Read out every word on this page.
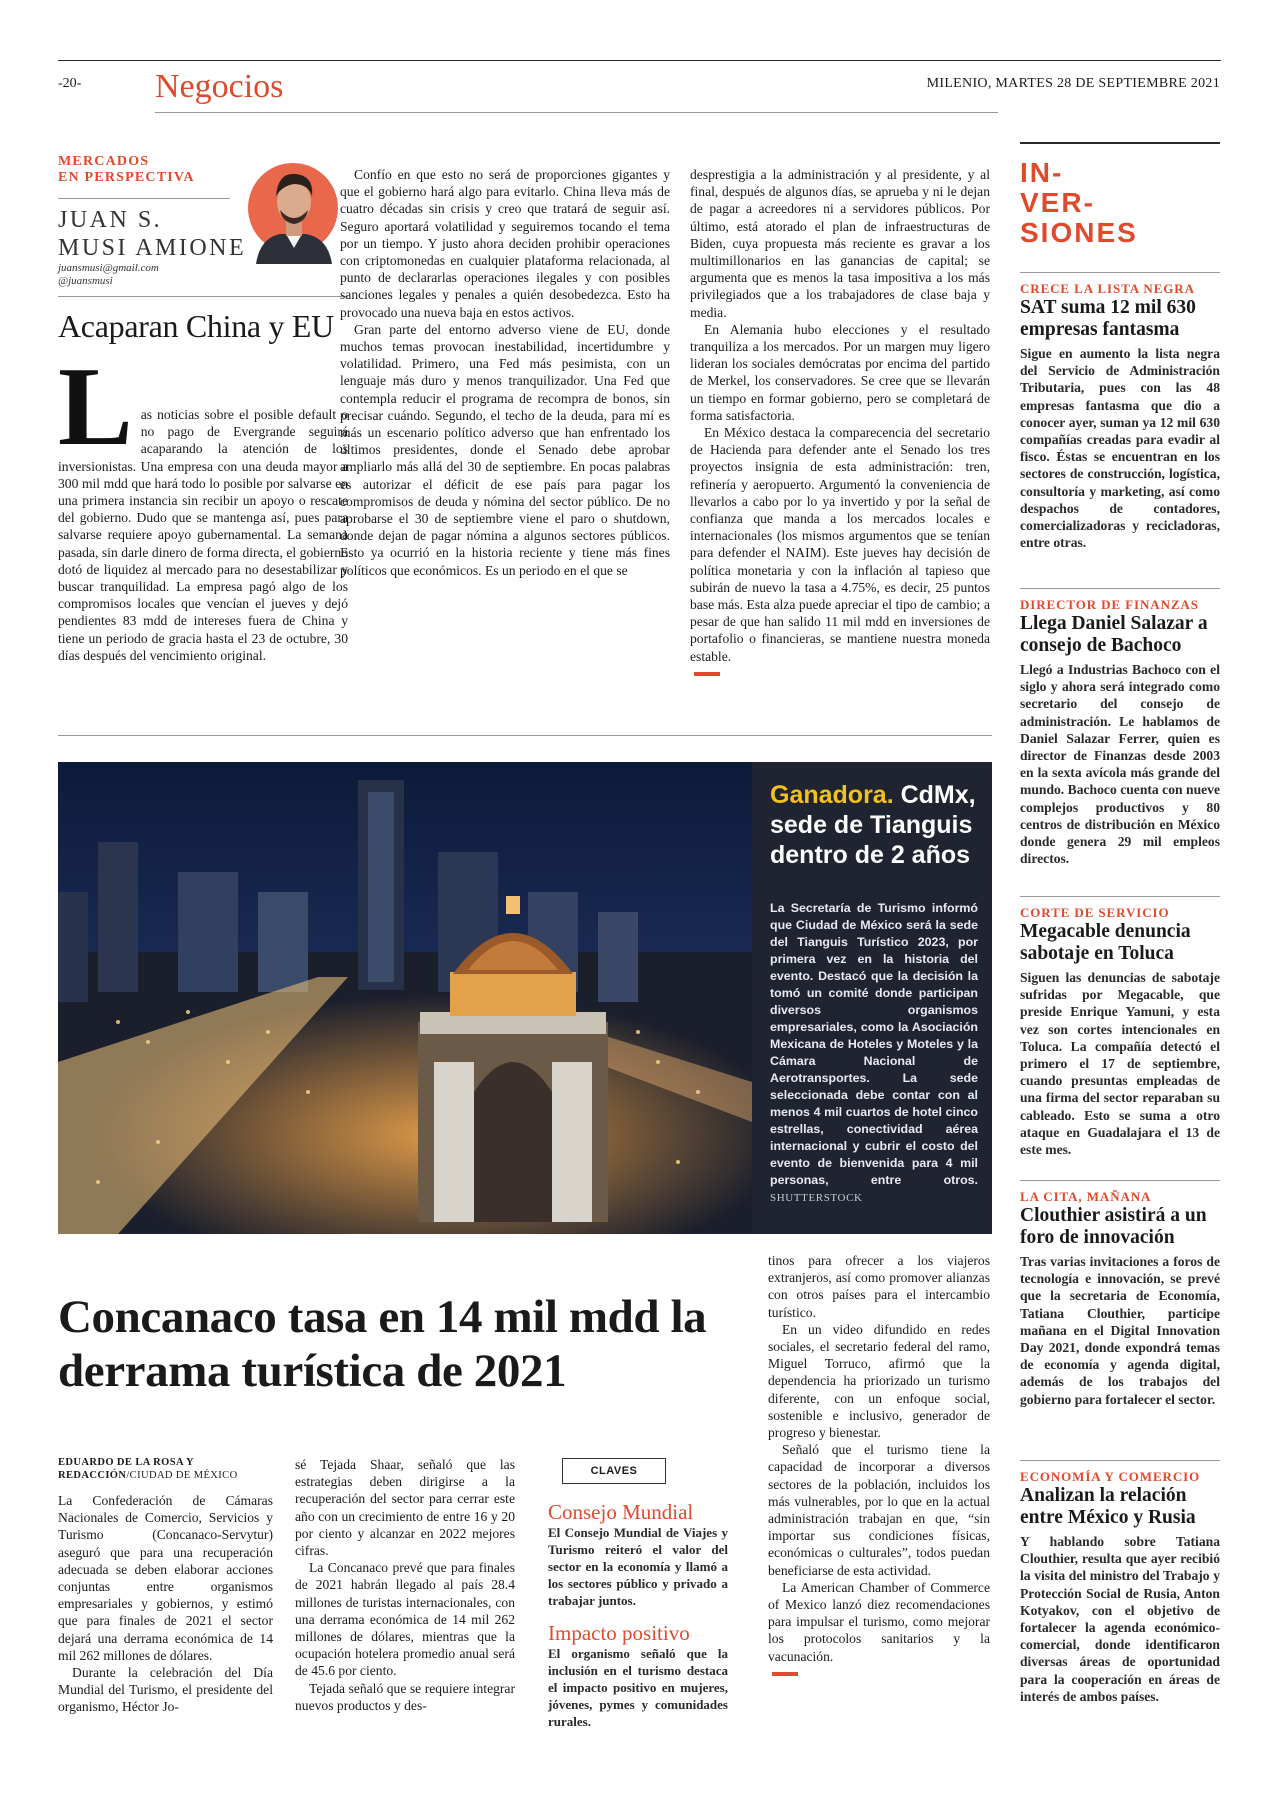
-20- Negocios	MILENIO, MARTES 28 DE SEPTIEMBRE 2021
MERCADOS
EN PERSPECTIVA
JUAN S.
MUSI AMIONE
juansmusi@gmail.com
@juansmusi
Acaparan China y EU
L as noticias sobre el posible default o no pago de Evergrande seguirá acaparando la atención de los inversionistas. Una empresa con una deuda mayor a 300 mil mdd que hará todo lo posible por salvarse en una primera instancia sin recibir un apoyo o rescate del gobierno. Dudo que se mantenga así, pues para salvarse requiere apoyo gubernamental. La semana pasada, sin darle dinero de forma directa, el gobierno dotó de liquidez al mercado para no desestabilizar y buscar tranquilidad. La empresa pagó algo de los compromisos locales que vencían el jueves y dejó pendientes 83 mdd de intereses fuera de China y tiene un periodo de gracia hasta el 23 de octubre, 30 días después del vencimiento original.

Confío en que esto no será de proporciones gigantes y que el gobierno hará algo para evitarlo. China lleva más de cuatro décadas sin crisis y creo que tratará de seguir así. Seguro aportará volatilidad y seguiremos tocando el tema por un tiempo. Y justo ahora deciden prohibir operaciones con criptomonedas en cualquier plataforma relacionada, al punto de declararlas operaciones ilegales y con posibles sanciones legales y penales a quién desobedezca. Esto ha provocado una nueva baja en estos activos.

Gran parte del entorno adverso viene de EU, donde muchos temas provocan inestabilidad, incertidumbre y volatilidad. Primero, una Fed más pesimista, con un lenguaje más duro y menos tranquilizador. Una Fed que contempla reducir el programa de recompra de bonos, sin precisar cuándo. Segundo, el techo de la deuda, para mí es más un escenario político adverso que han enfrentado los últimos presidentes, donde el Senado debe aprobar ampliarlo más allá del 30 de septiembre. En pocas palabras es autorizar el déficit de ese país para pagar los compromisos de deuda y nómina del sector público. De no aprobarse el 30 de septiembre viene el paro o shutdown, donde dejan de pagar nómina a algunos sectores públicos. Esto ya ocurrió en la historia reciente y tiene más fines políticos que económicos. Es un periodo en el que se

desprestigia a la administración y al presidente, y al final, después de algunos días, se aprueba y ni le dejan de pagar a acreedores ni a servidores públicos. Por último, está atorado el plan de infraestructuras de Biden, cuya propuesta más reciente es gravar a los multimillonarios en las ganancias de capital; se argumenta que es menos la tasa impositiva a los más privilegiados que a los trabajadores de clase baja y media.

En Alemania hubo elecciones y el resultado tranquiliza a los mercados. Por un margen muy ligero lideran los sociales demócratas por encima del partido de Merkel, los conservadores. Se cree que se llevarán un tiempo en formar gobierno, pero se completará de forma satisfactoria.

En México destaca la comparecencia del secretario de Hacienda para defender ante el Senado los tres proyectos insignia de esta administración: tren, refinería y aeropuerto. Argumentó la conveniencia de llevarlos a cabo por lo ya invertido y por la señal de confianza que manda a los mercados locales e internacionales (los mismos argumentos que se tenían para defender el NAIM). Este jueves hay decisión de política monetaria y con la inflación al tapieso que subirán de nuevo la tasa a 4.75%, es decir, 25 puntos base más. Esta alza puede apreciar el tipo de cambio; a pesar de que han salido 11 mil mdd en inversiones de portafolio o financieras, se mantiene nuestra moneda estable.

Ganadora. CdMx, sede de Tianguis dentro de 2 años
La Secretaría de Turismo informó que Ciudad de México será la sede del Tianguis Turístico 2023, por primera vez en la historia del evento. Destacó que la decisión la tomó un comité donde participan diversos organismos empresariales, como la Asociación Mexicana de Hoteles y Moteles y la Cámara Nacional de Aerotransportes. La sede seleccionada debe contar con al menos 4 mil cuartos de hotel cinco estrellas, conectividad aérea internacional y cubrir el costo del evento de bienvenida para 4 mil personas, entre otros. SHUTTERSTOCK
Concanaco tasa en 14 mil mdd la derrama turística de 2021
EDUARDO DE LA ROSA Y REDACCIÓN/CIUDAD DE MÉXICO

La Confederación de Cámaras Nacionales de Comercio, Servicios y Turismo (Concanaco-Servytur) aseguró que para una recuperación adecuada se deben elaborar acciones conjuntas entre organismos empresariales y gobiernos, y estimó que para finales de 2021 el sector dejará una derrama económica de 14 mil 262 millones de dólares.

Durante la celebración del Día Mundial del Turismo, el presidente del organismo, Héctor Jo-

sé Tejada Shaar, señaló que las estrategias deben dirigirse a la recuperación del sector para cerrar este año con un crecimiento de entre 16 y 20 por ciento y alcanzar en 2022 mejores cifras.

La Concanaco prevé que para finales de 2021 habrán llegado al país 28.4 millones de turistas internacionales, con una derrama económica de 14 mil 262 millones de dólares, mientras que la ocupación hotelera promedio anual será de 45.6 por ciento.

Tejada señaló que se requiere integrar nuevos productos y des-

CLAVES
Consejo Mundial
El Consejo Mundial de Viajes y Turismo reiteró el valor del sector en la economía y llamó a los sectores público y privado a trabajar juntos.
Impacto positivo
El organismo señaló que la inclusión en el turismo destaca el impacto positivo en mujeres, jóvenes, pymes y comunidades rurales.

tinos para ofrecer a los viajeros extranjeros, así como promover alianzas con otros países para el intercambio turístico.

En un video difundido en redes sociales, el secretario federal del ramo, Miguel Torruco, afirmó que la dependencia ha priorizado un turismo diferente, con un enfoque social, sostenible e inclusivo, generador de progreso y bienestar.

Señaló que el turismo tiene la capacidad de incorporar a diversos sectores de la población, incluidos los más vulnerables, por lo que en la actual administración trabajan en que, “sin importar sus condiciones físicas, económicas o culturales”, todos puedan beneficiarse de esta actividad.

La American Chamber of Commerce of Mexico lanzó diez recomendaciones para impulsar el turismo, como mejorar los protocolos sanitarios y la vacunación.

IN-
VER-
SIONES
CRECE LA LISTA NEGRA
SAT suma 12 mil 630 empresas fantasma
Sigue en aumento la lista negra del Servicio de Administración Tributaria, pues con las 48 empresas fantasma que dio a conocer ayer, suman ya 12 mil 630 compañías creadas para evadir al fisco. Éstas se encuentran en los sectores de construcción, logística, consultoría y marketing, así como despachos de contadores, comercializadoras y recicladoras, entre otras.
DIRECTOR DE FINANZAS
Llega Daniel Salazar a consejo de Bachoco
Llegó a Industrias Bachoco con el siglo y ahora será integrado como secretario del consejo de administración. Le hablamos de Daniel Salazar Ferrer, quien es director de Finanzas desde 2003 en la sexta avícola más grande del mundo. Bachoco cuenta con nueve complejos productivos y 80 centros de distribución en México donde genera 29 mil empleos directos.
CORTE DE SERVICIO
Megacable denuncia sabotaje en Toluca
Siguen las denuncias de sabotaje sufridas por Megacable, que preside Enrique Yamuni, y esta vez son cortes intencionales en Toluca. La compañía detectó el primero el 17 de septiembre, cuando presuntas empleadas de una firma del sector reparaban su cableado. Esto se suma a otro ataque en Guadalajara el 13 de este mes.
LA CITA, MAÑANA
Clouthier asistirá a un foro de innovación
Tras varias invitaciones a foros de tecnología e innovación, se prevé que la secretaria de Economía, Tatiana Clouthier, participe mañana en el Digital Innovation Day 2021, donde expondrá temas de economía y agenda digital, además de los trabajos del gobierno para fortalecer el sector.
ECONOMÍA Y COMERCIO
Analizan la relación entre México y Rusia
Y hablando sobre Tatiana Clouthier, resulta que ayer recibió la visita del ministro del Trabajo y Protección Social de Rusia, Anton Kotyakov, con el objetivo de fortalecer la agenda económico-comercial, donde identificaron diversas áreas de oportunidad para la cooperación en áreas de interés de ambos países.
